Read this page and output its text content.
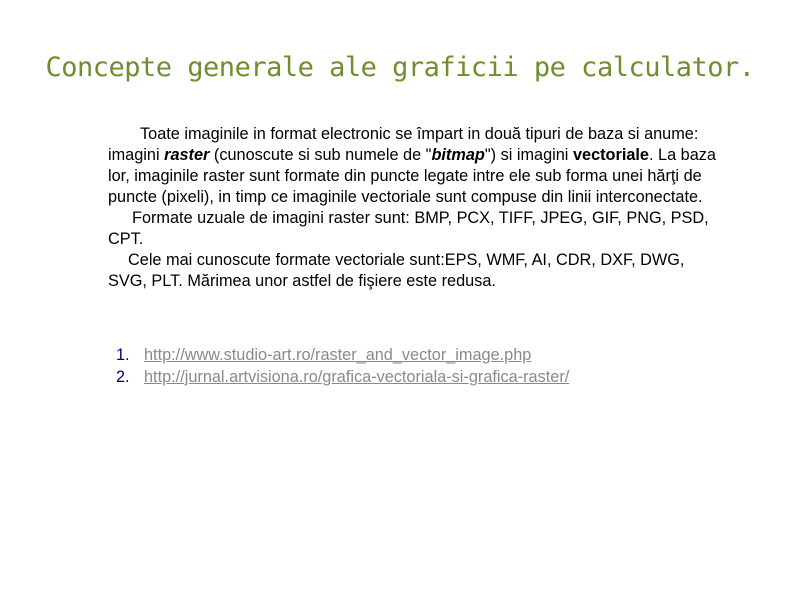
Concepte generale ale graficii pe calculator.

Toate imaginile in format electronic se împart in două tipuri de baza si anume: imagini raster (cunoscute si sub numele de "bitmap") si imagini vectoriale. La baza lor, imaginile raster sunt formate din puncte legate intre ele sub forma unei hărţi de puncte (pixeli), in timp ce imaginile vectoriale sunt compuse din linii interconectate.

Formate uzuale de imagini raster sunt: BMP, PCX, TIFF, JPEG, GIF, PNG, PSD, CPT.

Cele mai cunoscute formate vectoriale sunt:EPS, WMF, AI, CDR, DXF, DWG, SVG, PLT. Mărimea unor astfel de fişiere este redusa.

1. http://www.studio-art.ro/raster_and_vector_image.php
2. http://jurnal.artvisiona.ro/grafica-vectoriala-si-grafica-raster/
